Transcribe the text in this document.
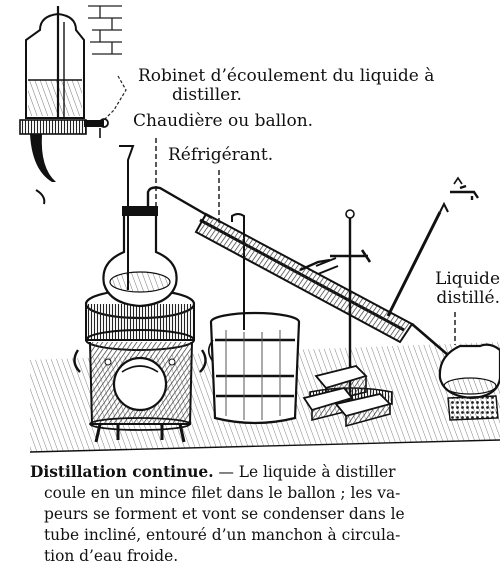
Robinet d’écoulement du liquide à
distiller.
Chaudière ou ballon.
Réfrigérant.
Liquide
distillé.
Distillation continue. — Le liquide à distiller
coule en un mince filet dans le ballon ; les va-
peurs se forment et vont se condenser dans le
tube incliné, entouré d’un manchon à circula-
tion d’eau froide.
